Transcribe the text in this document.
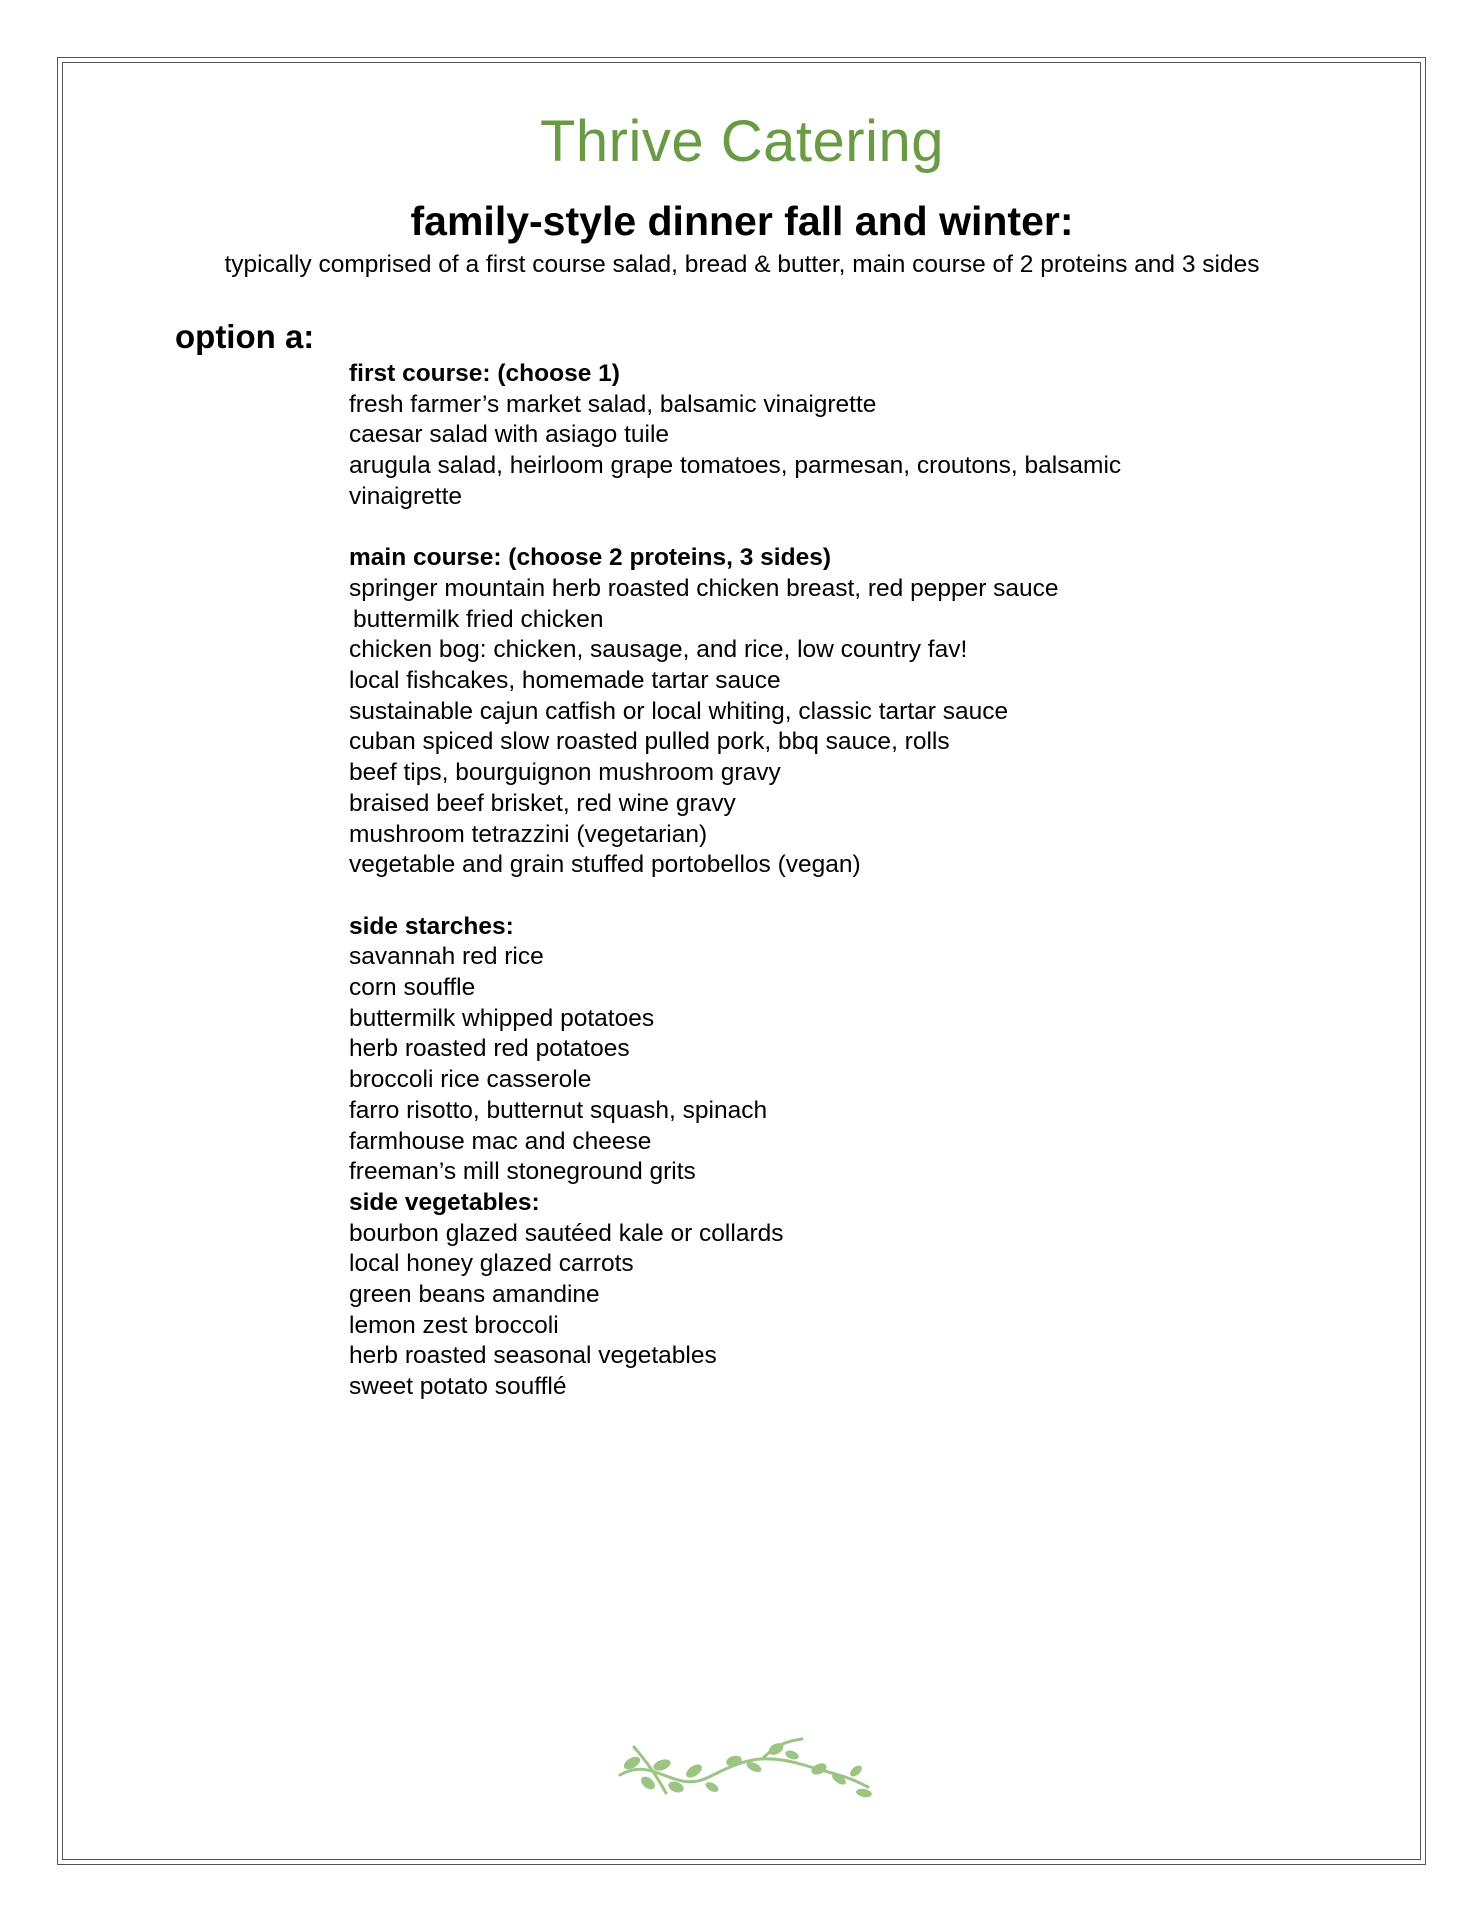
Thrive Catering
family-style dinner fall and winter:
typically comprised of a first course salad, bread & butter, main course of 2 proteins and 3 sides
option a:
first course: (choose 1)
fresh farmer’s market salad, balsamic vinaigrette
caesar salad with asiago tuile
arugula salad, heirloom grape tomatoes, parmesan, croutons, balsamic
vinaigrette
main course: (choose 2 proteins, 3 sides)
springer mountain herb roasted chicken breast, red pepper sauce
buttermilk fried chicken
chicken bog: chicken, sausage, and rice, low country fav!
local fishcakes, homemade tartar sauce
sustainable cajun catfish or local whiting, classic tartar sauce
cuban spiced slow roasted pulled pork, bbq sauce, rolls
beef tips, bourguignon mushroom gravy
braised beef brisket, red wine gravy
mushroom tetrazzini (vegetarian)
vegetable and grain stuffed portobellos (vegan)
side starches:
savannah red rice
corn souffle
buttermilk whipped potatoes
herb roasted red potatoes
broccoli rice casserole
farro risotto, butternut squash, spinach
farmhouse mac and cheese
freeman’s mill stoneground grits
side vegetables:
bourbon glazed sautéed kale or collards
local honey glazed carrots
green beans amandine
lemon zest broccoli
herb roasted seasonal vegetables
sweet potato soufflé
